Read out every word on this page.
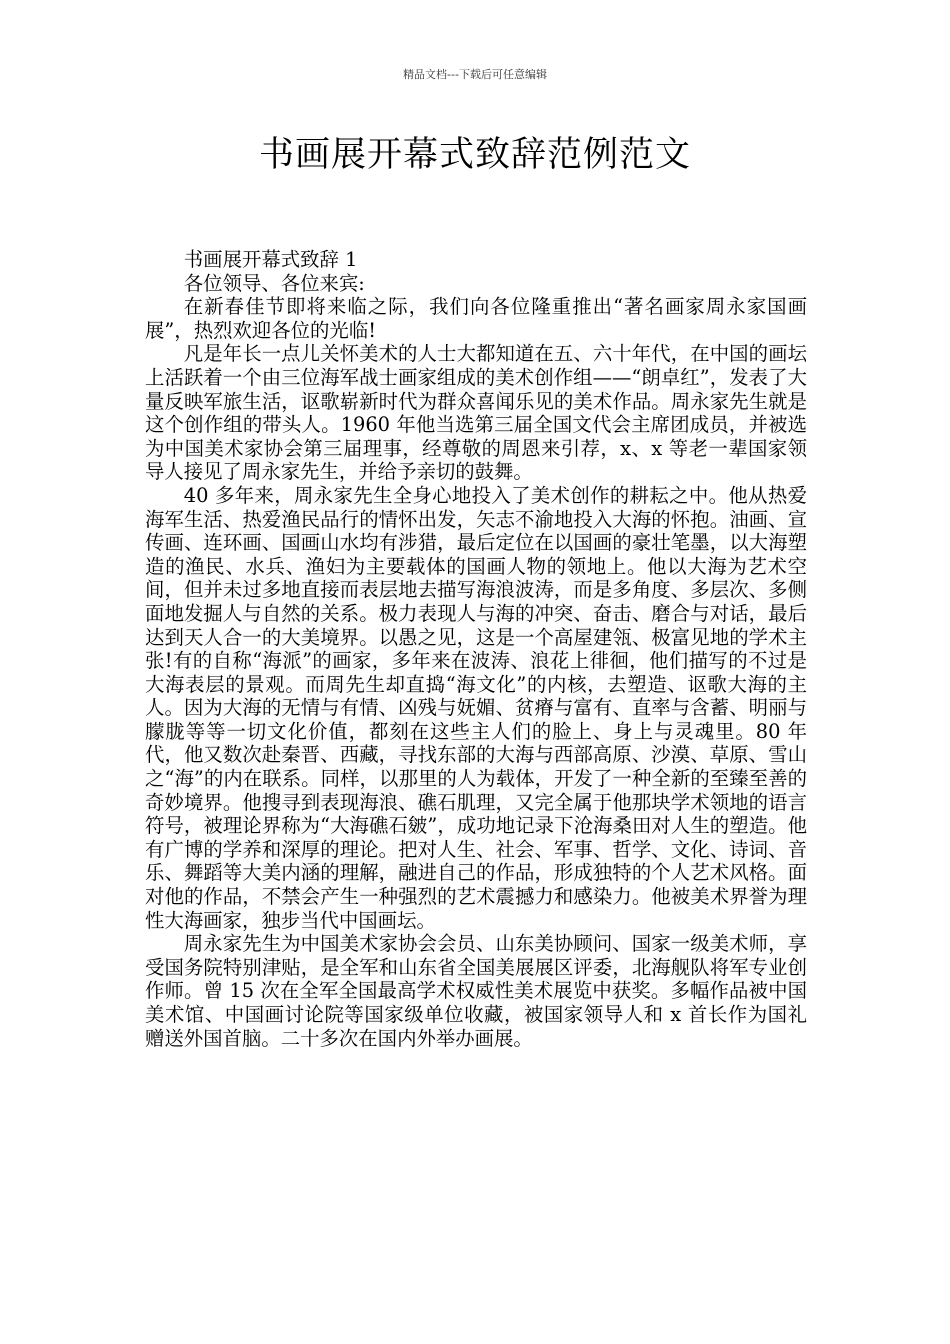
精品文档---下载后可任意编辑
书画展开幕式致辞范例范文

书画展开幕式致辞 1

各位领导、各位来宾:

在新春佳节即将来临之际，我们向各位隆重推出“著名画家周永家国画展”，热烈欢迎各位的光临!

凡是年长一点儿关怀美术的人士大都知道在五、六十年代，在中国的画坛上活跃着一个由三位海军战士画家组成的美术创作组——“朗卓红”，发表了大量反映军旅生活，讴歌崭新时代为群众喜闻乐见的美术作品。周永家先生就是这个创作组的带头人。1960 年他当选第三届全国文代会主席团成员，并被选为中国美术家协会第三届理事，经尊敬的周恩来引荐，x、x 等老一辈国家领导人接见了周永家先生，并给予亲切的鼓舞。

40 多年来，周永家先生全身心地投入了美术创作的耕耘之中。他从热爱海军生活、热爱渔民品行的情怀出发，矢志不渝地投入大海的怀抱。油画、宣传画、连环画、国画山水均有涉猎，最后定位在以国画的豪壮笔墨，以大海塑造的渔民、水兵、渔妇为主要载体的国画人物的领地上。他以大海为艺术空间，但并未过多地直接而表层地去描写海浪波涛，而是多角度、多层次、多侧面地发掘人与自然的关系。极力表现人与海的冲突、奋击、磨合与对话，最后达到天人合一的大美境界。以愚之见，这是一个高屋建瓴、极富见地的学术主张!有的自称“海派”的画家，多年来在波涛、浪花上徘徊，他们描写的不过是大海表层的景观。而周先生却直捣“海文化”的内核，去塑造、讴歌大海的主人。因为大海的无情与有情、凶残与妩媚、贫瘠与富有、直率与含蓄、明丽与朦胧等等一切文化价值，都刻在这些主人们的脸上、身上与灵魂里。80 年代，他又数次赴秦晋、西藏，寻找东部的大海与西部高原、沙漠、草原、雪山之“海”的内在联系。同样，以那里的人为载体，开发了一种全新的至臻至善的奇妙境界。他搜寻到表现海浪、礁石肌理，又完全属于他那块学术领地的语言符号，被理论界称为“大海礁石皴”，成功地记录下沧海桑田对人生的塑造。他有广博的学养和深厚的理论。把对人生、社会、军事、哲学、文化、诗词、音乐、舞蹈等大美内涵的理解，融进自己的作品，形成独特的个人艺术风格。面对他的作品，不禁会产生一种强烈的艺术震撼力和感染力。他被美术界誉为理性大海画家，独步当代中国画坛。

周永家先生为中国美术家协会会员、山东美协顾问、国家一级美术师，享受国务院特别津贴，是全军和山东省全国美展展区评委，北海舰队将军专业创作师。曾 15 次在全军全国最高学术权威性美术展览中获奖。多幅作品被中国美术馆、中国画讨论院等国家级单位收藏，被国家领导人和 x 首长作为国礼赠送外国首脑。二十多次在国内外举办画展。
